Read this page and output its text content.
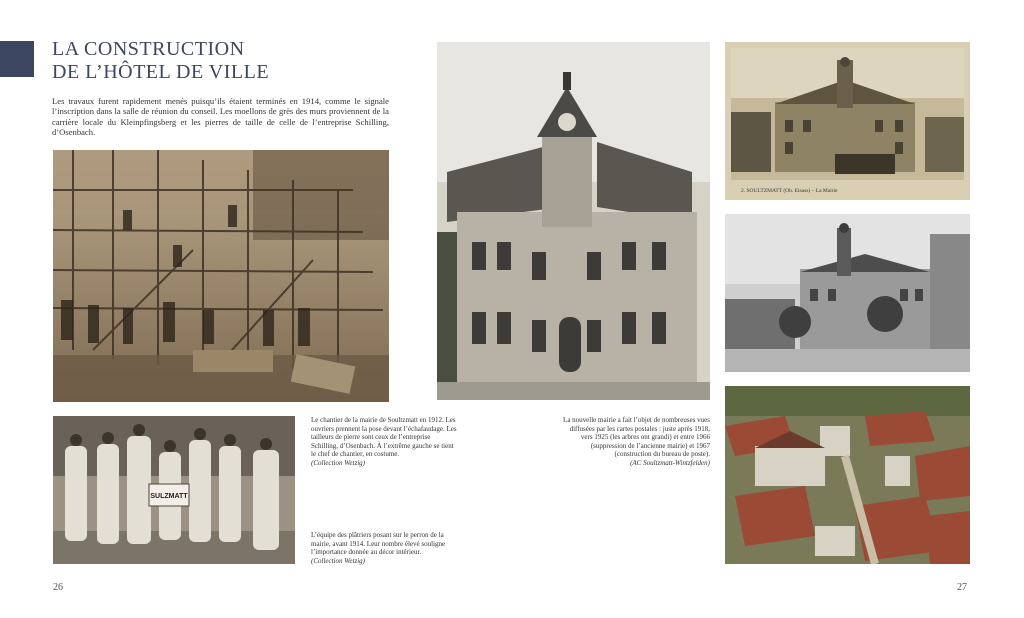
LA CONSTRUCTION
DE L’HÔTEL DE VILLE
Les travaux furent rapidement menés puisqu’ils étaient terminés en 1914, comme le signale l’inscription dans la salle de réunion du conseil. Les moellons de grès des murs proviennent de la carrière locale du Kleinpfingsberg et les pierres de taille de celle de l’entreprise Schilling, d’Osenbach.
SULZMATT
Le chantier de la mairie de Soultzmatt en 1912. Les ouvriers prennent la pose devant l’échafaudage. Les tailleurs de pierre sont ceux de l’entreprise Schilling, d’Osenbach. À l’extrême gauche se tient le chef de chantier, en costume.
(Collection Wetzig)
L’équipe des plâtriers posant sur le perron de la mairie, avant 1914. Leur nombre élevé souligne l’importance donnée au décor intérieur.
(Collection Wetzig)
La nouvelle mairie a fait l’objet de nombreuses vues diffusées par les cartes postales : juste après 1918, vers 1925 (les arbres ont grandi) et entre 1966 (suppression de l’ancienne mairie) et 1967 (construction du bureau de poste).
(AC Soultzmatt-Wintzfelden)
2. SOULTZMATT (Ob. Elsass) – La Mairie
26	27
